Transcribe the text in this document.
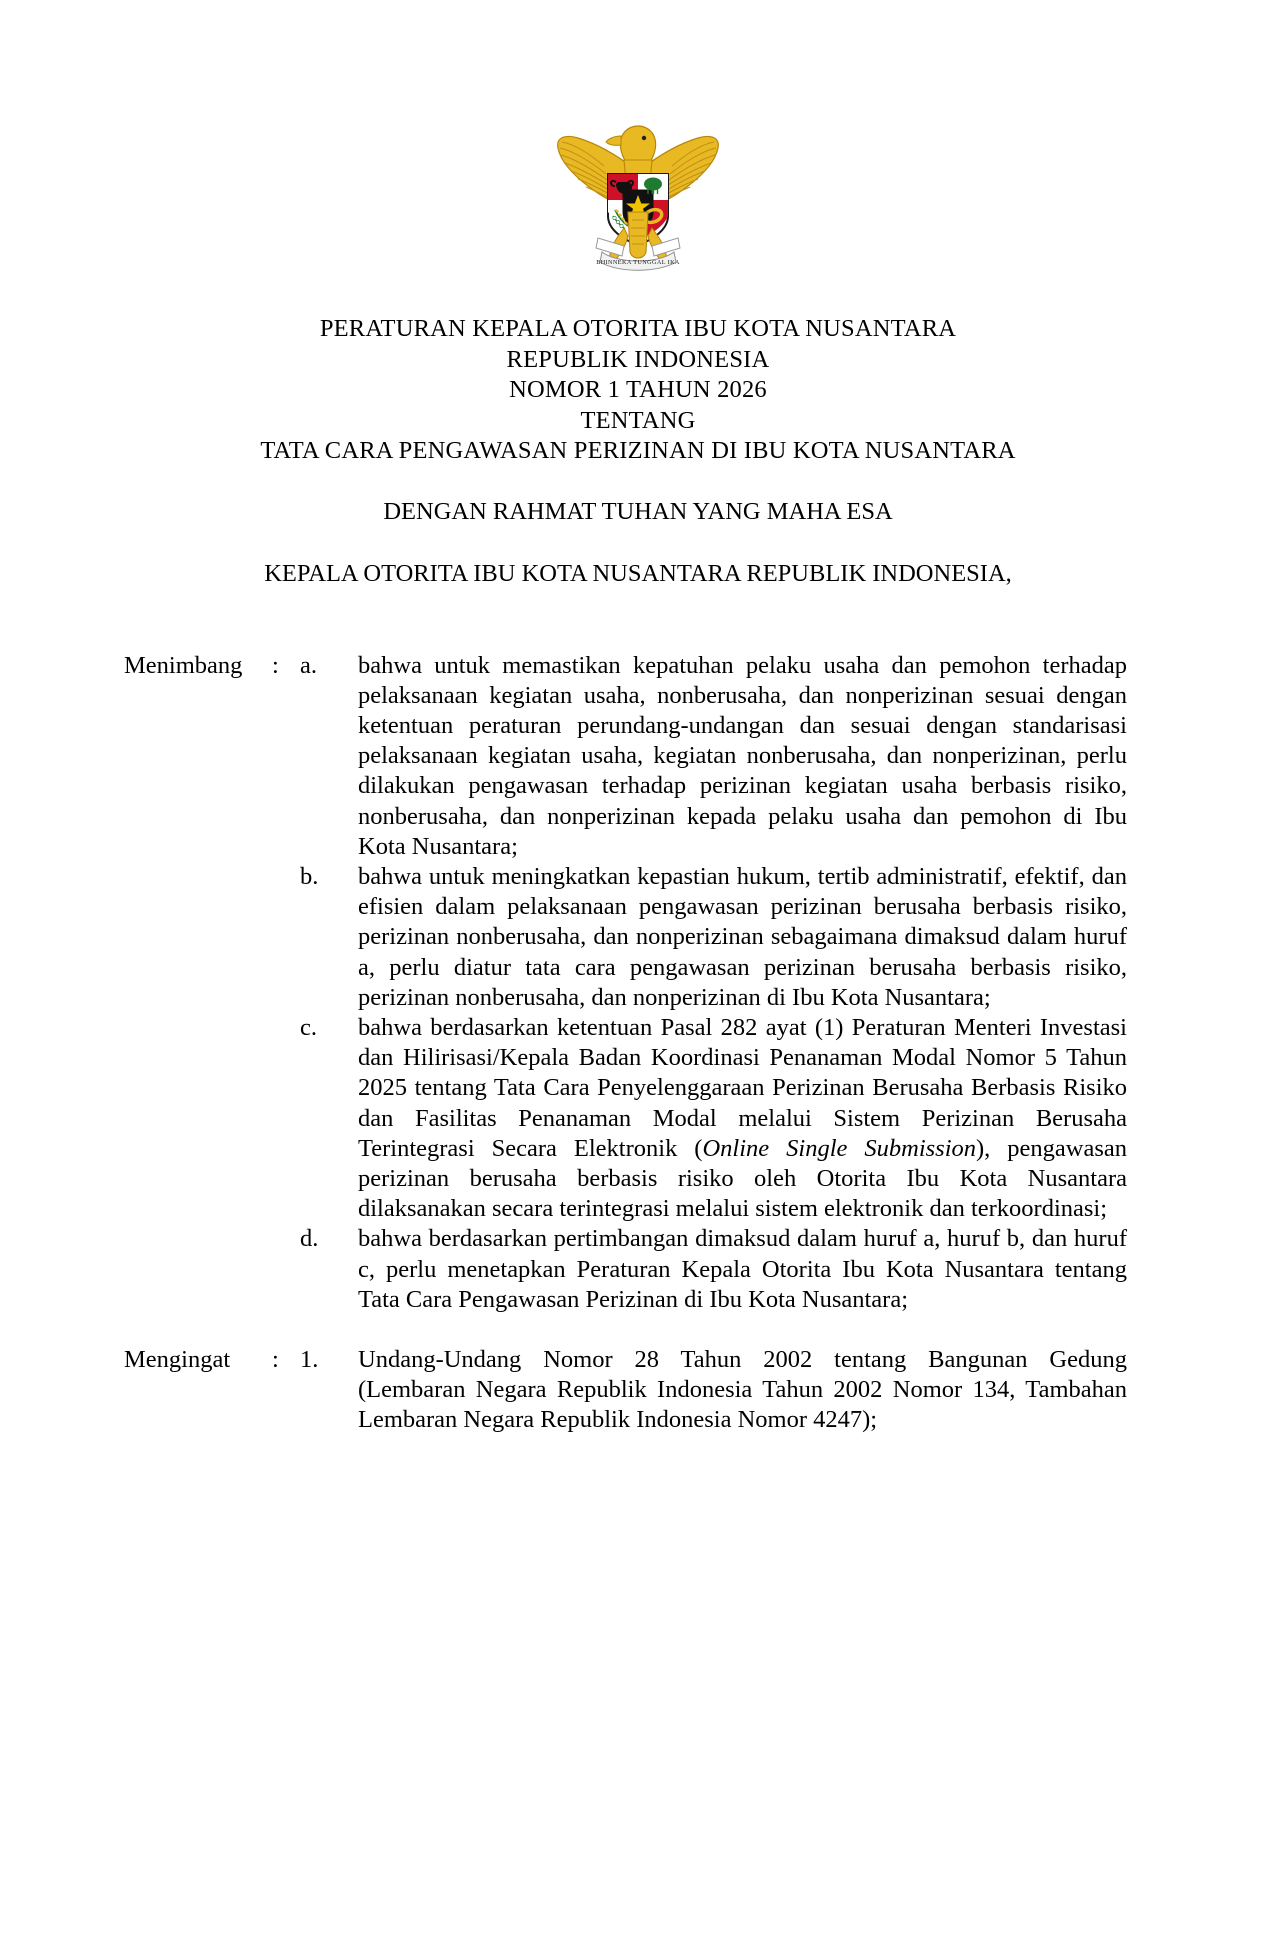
BHINNEKA TUNGGAL IKA
PERATURAN KEPALA OTORITA IBU KOTA NUSANTARA
REPUBLIK INDONESIA
NOMOR 1 TAHUN 2026
TENTANG
TATA CARA PENGAWASAN PERIZINAN DI IBU KOTA NUSANTARA
DENGAN RAHMAT TUHAN YANG MAHA ESA
KEPALA OTORITA IBU KOTA NUSANTARA REPUBLIK INDONESIA,
Menimbang	: a.	bahwa untuk memastikan kepatuhan pelaku usaha dan pemohon terhadap pelaksanaan kegiatan usaha, nonberusaha, dan nonperizinan sesuai dengan ketentuan peraturan perundang-undangan dan sesuai dengan standarisasi pelaksanaan kegiatan usaha, kegiatan nonberusaha, dan nonperizinan, perlu dilakukan pengawasan terhadap perizinan kegiatan usaha berbasis risiko, nonberusaha, dan nonperizinan kepada pelaku usaha dan pemohon di Ibu Kota Nusantara;
b.	bahwa untuk meningkatkan kepastian hukum, tertib administratif, efektif, dan efisien dalam pelaksanaan pengawasan perizinan berusaha berbasis risiko, perizinan nonberusaha, dan nonperizinan sebagaimana dimaksud dalam huruf a, perlu diatur tata cara pengawasan perizinan berusaha berbasis risiko, perizinan nonberusaha, dan nonperizinan di Ibu Kota Nusantara;
c.	bahwa berdasarkan ketentuan Pasal 282 ayat (1) Peraturan Menteri Investasi dan Hilirisasi/Kepala Badan Koordinasi Penanaman Modal Nomor 5 Tahun 2025 tentang Tata Cara Penyelenggaraan Perizinan Berusaha Berbasis Risiko dan Fasilitas Penanaman Modal melalui Sistem Perizinan Berusaha Terintegrasi Secara Elektronik (Online Single Submission), pengawasan perizinan berusaha berbasis risiko oleh Otorita Ibu Kota Nusantara dilaksanakan secara terintegrasi melalui sistem elektronik dan terkoordinasi;
d.	bahwa berdasarkan pertimbangan dimaksud dalam huruf a, huruf b, dan huruf c, perlu menetapkan Peraturan Kepala Otorita Ibu Kota Nusantara tentang Tata Cara Pengawasan Perizinan di Ibu Kota Nusantara;
Mengingat	: 1.	Undang-Undang Nomor 28 Tahun 2002 tentang Bangunan Gedung (Lembaran Negara Republik Indonesia Tahun 2002 Nomor 134, Tambahan Lembaran Negara Republik Indonesia Nomor 4247);
